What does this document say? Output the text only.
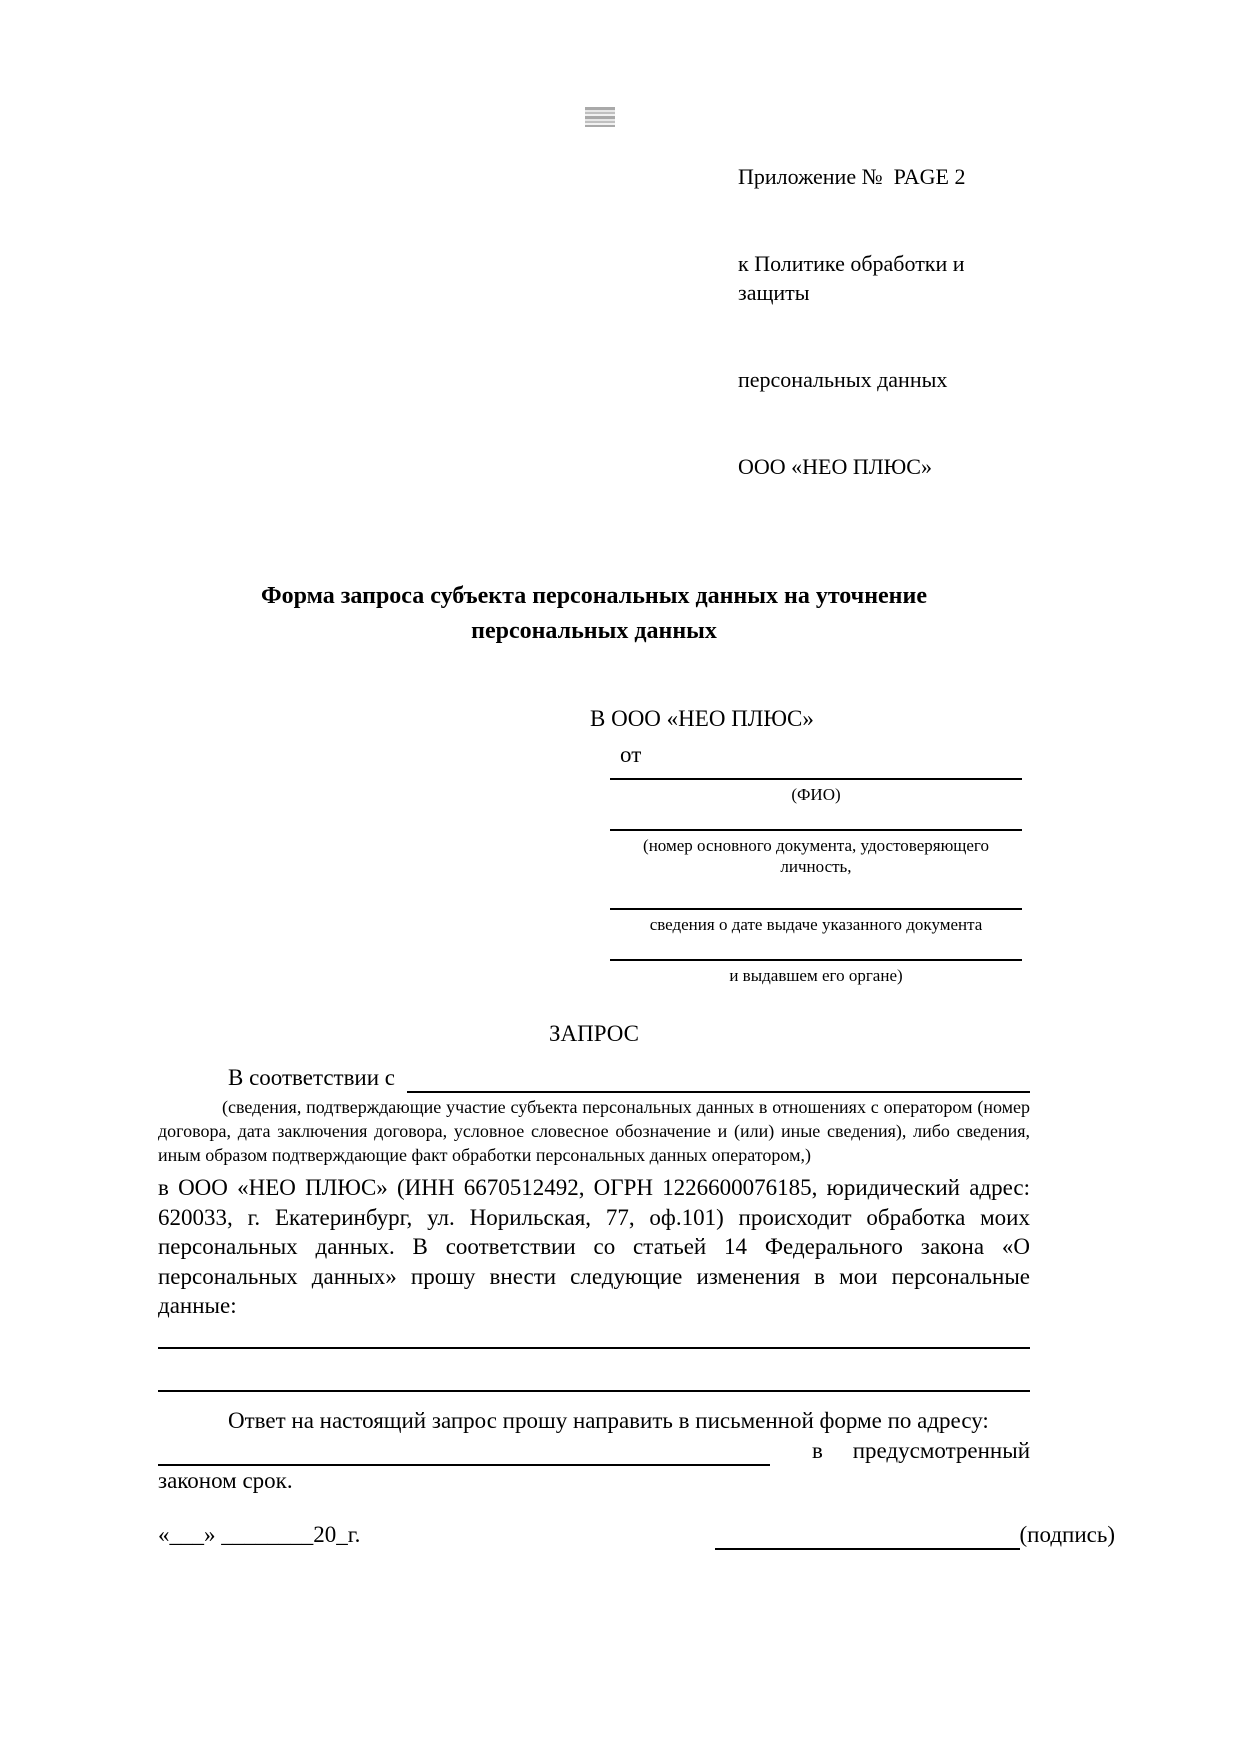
Приложение №  PAGE 2

к Политике обработки и защиты

персональных данных

ООО «НЕО ПЛЮС»

Форма запроса субъекта персональных данных на уточнение
персональных данных
В ООО «НЕО ПЛЮС»
от
(ФИО)
(номер основного документа, удостоверяющего личность,
сведения о дате выдаче указанного документа
и выдавшем его органе)
ЗАПРОС
В соответствии с
(сведения, подтверждающие участие субъекта персональных данных в отношениях с оператором (номер договора, дата заключения договора, условное словесное обозначение и (или) иные сведения), либо сведения, иным образом подтверждающие факт обработки персональных данных оператором,)
в ООО «НЕО ПЛЮС» (ИНН 6670512492, ОГРН 1226600076185, юридический адрес: 620033, г. Екатеринбург, ул. Норильская, 77, оф.101) происходит обработка моих персональных данных. В соответствии со статьей 14 Федерального закона «О персональных данных» прошу внести следующие изменения в мои персональные данные:
Ответ на настоящий запрос прошу направить в письменной форме по адресу:
в предусмотренный
законом срок.
«___» ________20_г.	(подпись)
